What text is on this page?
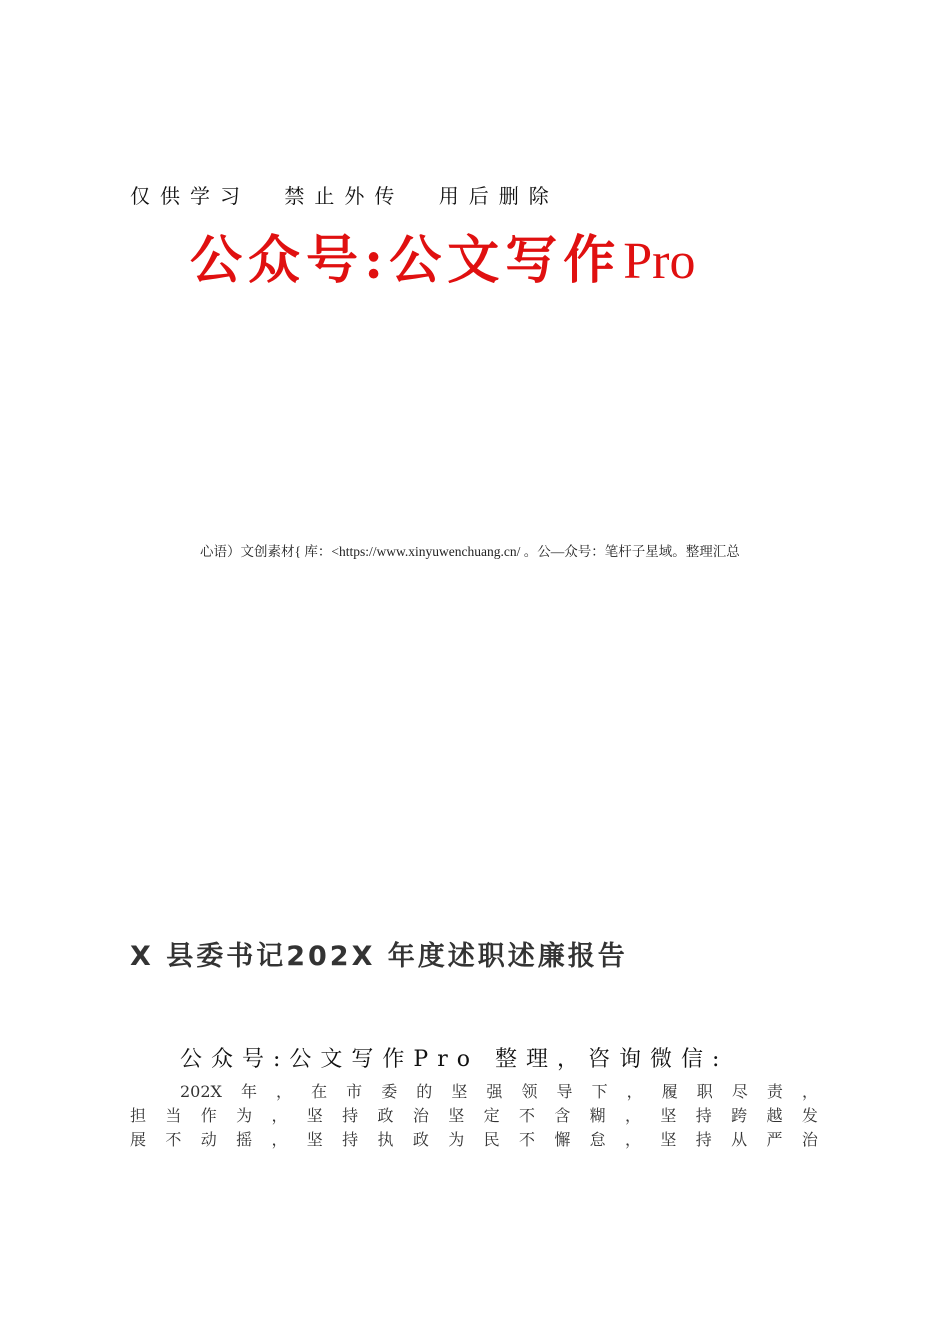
仅供学习 禁止外传 用后删除
公众号:公文写作Pro
心语）文创素材{ 库：<https://www.xinyuwenchuang.cn/ 。公—众号：笔杆子星域。整理汇总
X 县委书记202X 年度述职述廉报告
公众号:公文写作Pro 整理，咨询微信:
202X 年 ， 在 市 委 的 坚 强 领 导 下 ， 履 职 尽 责 ，
担 当 作 为 ， 坚 持 政 治 坚 定 不 含 糊 ， 坚 持 跨 越 发
展 不 动 摇 ， 坚 持 执 政 为 民 不 懈 怠 ， 坚 持 从 严 治
